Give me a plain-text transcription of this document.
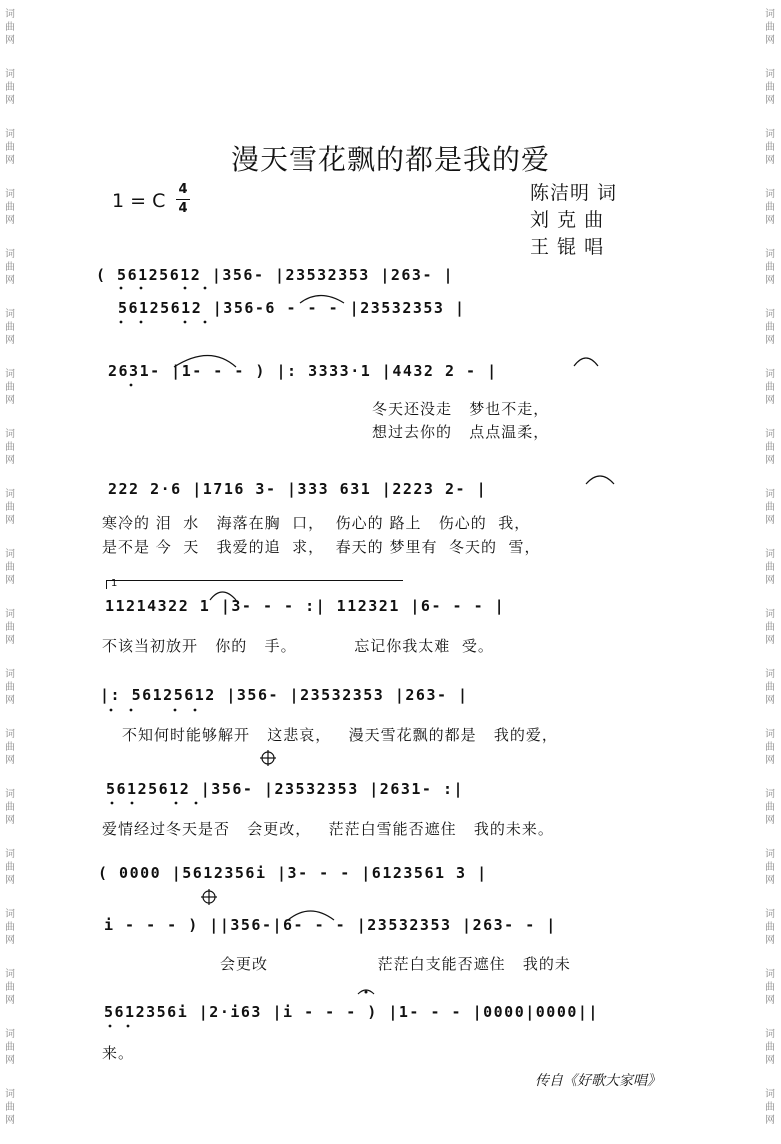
词
曲
网
词
曲
网
词
曲
网
词
曲
网
词
曲
网
词
曲
网
词
曲
网
词
曲
网
词
曲
网
词
曲
网
词
曲
网
词
曲
网
词
曲
网
词
曲
网
词
曲
网
词
曲
网
词
曲
网
词
曲
网
词
曲
网
词
曲
网
词
曲
网
词
曲
网
词
曲
网
词
曲
网
词
曲
网
词
曲
网
词
曲
网
词
曲
网
词
曲
网
词
曲
网
词
曲
网
词
曲
网
词
曲
网
词
曲
网
词
曲
网
词
曲
网
词
曲
网
词
曲
网
漫天雪花飘的都是我的爱
1 = C
4
4
陈洁明 词
刘 克 曲
王 锟 唱
( 56125612 |356- |23532353 |263- |
56125612 |356-6 - - - |23532353 |
2631- |1- - - ) |: 3333·1 |4432 2 - |
冬天还没走   梦也不走，
想过去你的   点点温柔，
222 2·6 |1716 3- |333 631 |2223 2- |
寒冷的 泪  水   海落在胸  口，  伤心的 路上   伤心的  我，
是不是 今  天   我爱的追  求，  春天的 梦里有  冬天的  雪，
1
11214322 1 |3- - - :| 112321 |6- - - |
不该当初放开   你的   手。          忘记你我太难  受。
|: 56125612 |356- |23532353 |263- |
不知何时能够解开   这悲哀，   漫天雪花飘的都是   我的爱，
56125612 |356- |23532353 |2631- :|
爱情经过冬天是否   会更改，   茫茫白雪能否遮住   我的未来。
( 0000 |5612356i |3- - - |6123561 3 |
i - - - ) ||356-|6- - - |23532353 |263- - |
会更改                   茫茫白支能否遮住   我的未
5612356i |2·i63 |i - - - ) |1- - - |0000|0000||
来。
传自《好歌大家唱》
